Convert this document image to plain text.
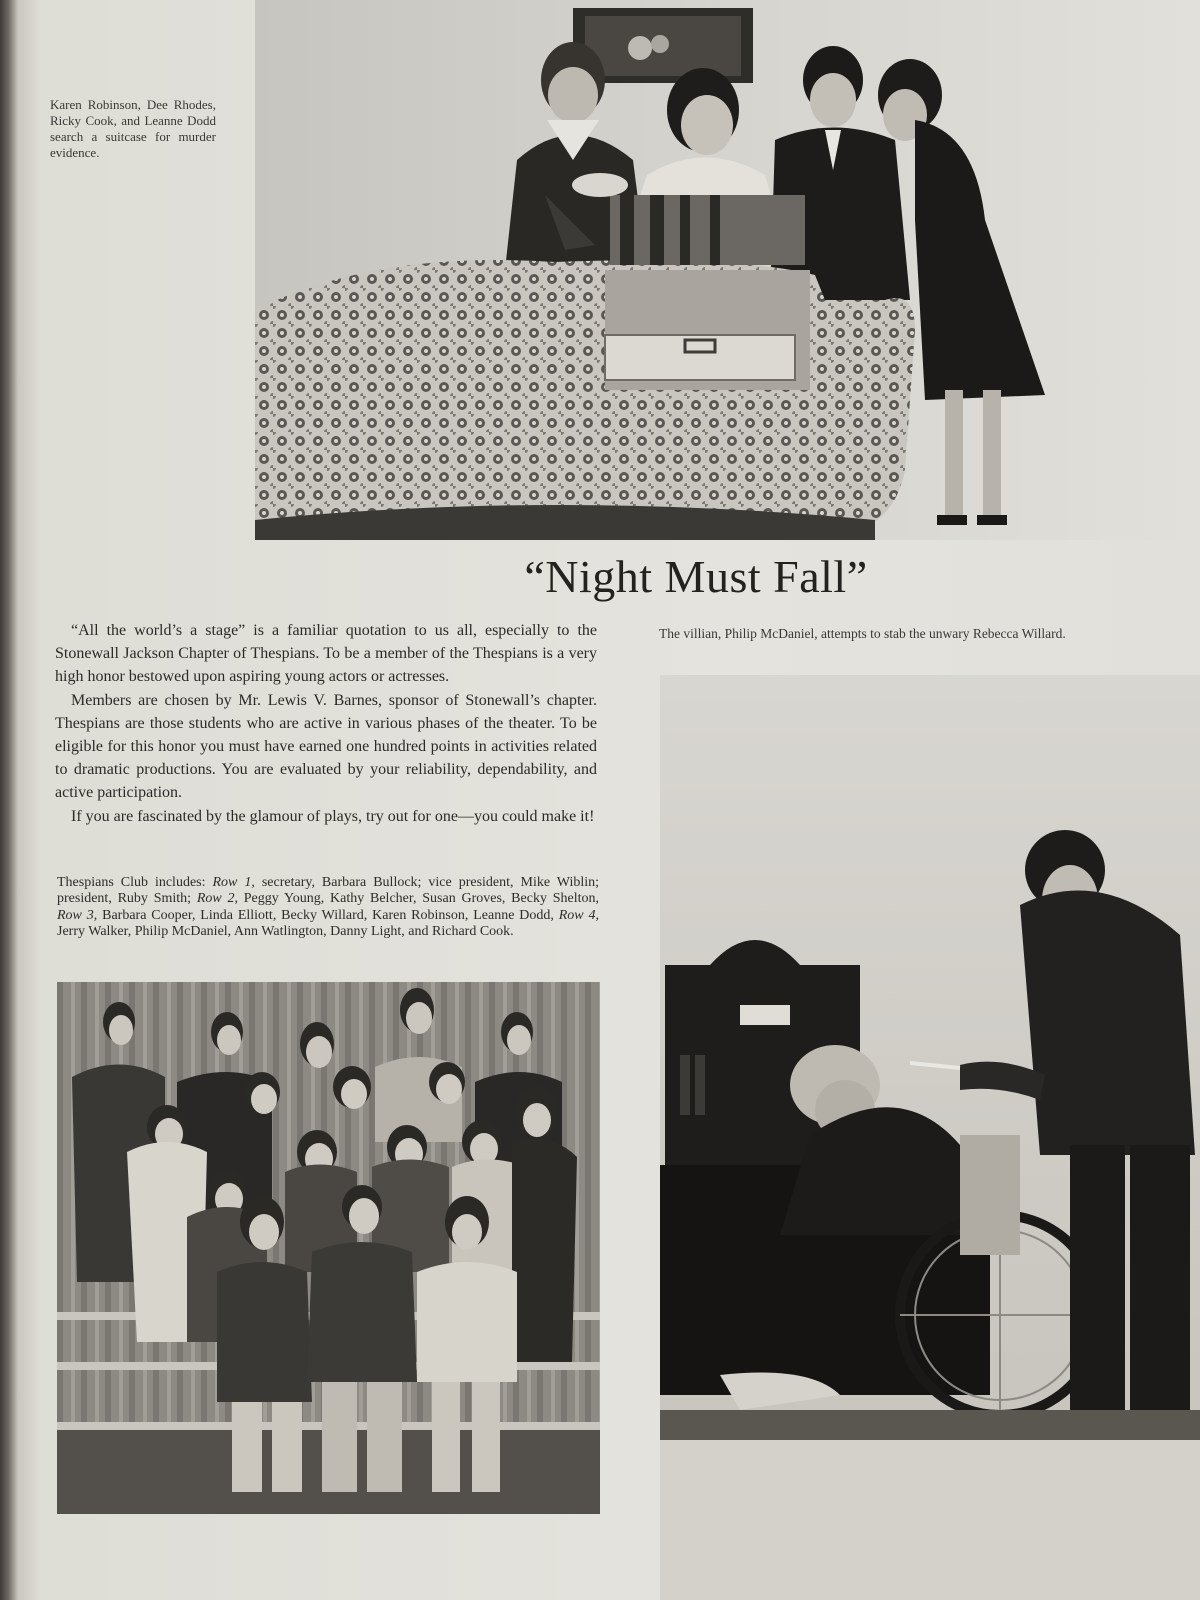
Karen Robinson, Dee Rhodes, Ricky Cook, and Leanne Dodd search a suitcase for murder evidence.
“Night Must Fall”

“All the world’s a stage” is a familiar quotation to us all, especially to the Stonewall Jackson Chapter of Thespians. To be a member of the Thespians is a very high honor bestowed upon aspiring young actors or actresses.

Members are chosen by Mr. Lewis V. Barnes, sponsor of Stonewall’s chapter. Thespians are those students who are active in various phases of the theater. To be eligible for this honor you must have earned one hundred points in activities related to dramatic productions. You are evaluated by your reliability, dependability, and active participation.

If you are fascinated by the glamour of plays, try out for one—you could make it!

Thespians Club includes: Row 1, secretary, Barbara Bullock; vice president, Mike Wiblin; president, Ruby Smith; Row 2, Peggy Young, Kathy Belcher, Susan Groves, Becky Shelton, Row 3, Barbara Cooper, Linda Elliott, Becky Willard, Karen Robinson, Leanne Dodd, Row 4, Jerry Walker, Philip McDaniel, Ann Watlington, Danny Light, and Richard Cook.
The villian, Philip McDaniel, attempts to stab the unwary Rebecca Willard.
